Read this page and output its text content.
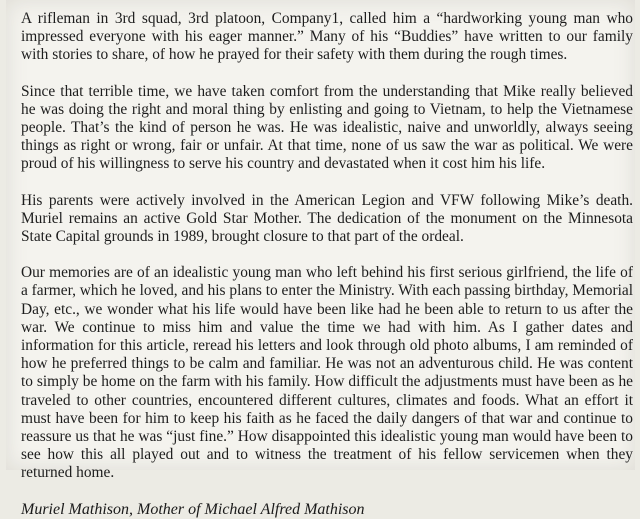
A rifleman in 3rd squad, 3rd platoon, Company1, called him a “hardworking young man who impressed everyone with his eager manner.” Many of his “Buddies” have written to our family with stories to share, of how he prayed for their safety with them during the rough times.

Since that terrible time, we have taken comfort from the understanding that Mike really believed he was doing the right and moral thing by enlisting and going to Vietnam, to help the Vietnamese people. That’s the kind of person he was. He was idealistic, naive and unworldly, always seeing things as right or wrong, fair or unfair. At that time, none of us saw the war as political. We were proud of his willingness to serve his country and devastated when it cost him his life.

His parents were actively involved in the American Legion and VFW following Mike’s death. Muriel remains an active Gold Star Mother. The dedication of the monument on the Minnesota State Capital grounds in 1989, brought closure to that part of the ordeal.

Our memories are of an idealistic young man who left behind his first serious girlfriend, the life of a farmer, which he loved, and his plans to enter the Ministry. With each passing birthday, Memorial Day, etc., we wonder what his life would have been like had he been able to return to us after the war. We continue to miss him and value the time we had with him. As I gather dates and information for this article, reread his letters and look through old photo albums, I am reminded of how he preferred things to be calm and familiar. He was not an adventurous child. He was content to simply be home on the farm with his family. How difficult the adjustments must have been as he traveled to other countries, encountered different cultures, climates and foods. What an effort it must have been for him to keep his faith as he faced the daily dangers of that war and continue to reassure us that he was “just fine.” How disappointed this idealistic young man would have been to see how this all played out and to witness the treatment of his fellow servicemen when they returned home.

Muriel Mathison, Mother of Michael Alfred Mathison
